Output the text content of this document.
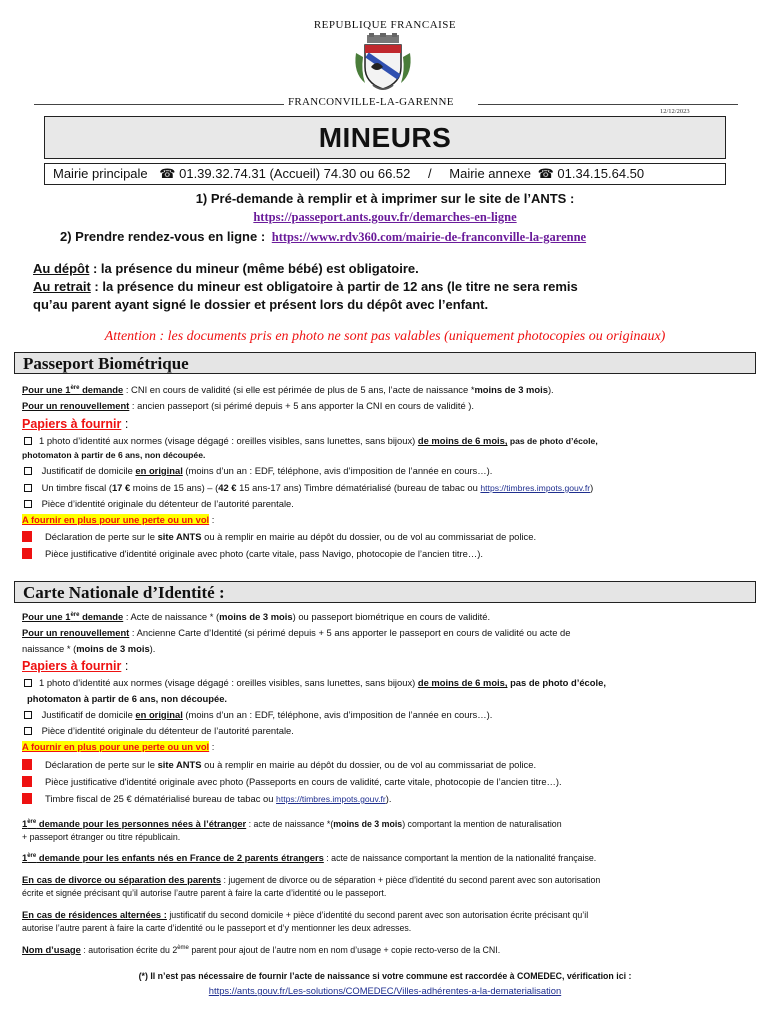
REPUBLIQUE FRANCAISE
FRANCONVILLE-LA-GARENNE
12/12/2023
MINEURS
Mairie principale ☎ 01.39.32.74.31 (Accueil) 74.30 ou 66.52 / Mairie annexe ☎ 01.34.15.64.50
1) Pré-demande à remplir et à imprimer sur le site de l’ANTS :
https://passeport.ants.gouv.fr/demarches-en-ligne
2) Prendre rendez-vous en ligne : https://www.rdv360.com/mairie-de-franconville-la-garenne
Au dépôt : la présence du mineur (même bébé) est obligatoire.
Au retrait : la présence du mineur est obligatoire à partir de 12 ans (le titre ne sera remis
qu’au parent ayant signé le dossier et présent lors du dépôt avec l’enfant.
Attention : les documents pris en photo ne sont pas valables (uniquement photocopies ou originaux)
Passeport Biométrique
Pour une 1ère demande : CNI en cours de validité (si elle est périmée de plus de 5 ans, l’acte de naissance *moins de 3 mois).
Pour un renouvellement : ancien passeport (si périmé depuis + 5 ans apporter la CNI en cours de validité ).
Papiers à fournir :
1 photo d’identité aux normes (visage dégagé : oreilles visibles, sans lunettes, sans bijoux) de moins de 6 mois, pas de photo d’école,
photomaton à partir de 6 ans, non découpée.
Justificatif de domicile en original (moins d’un an : EDF, téléphone, avis d’imposition de l’année en cours…).
Un timbre fiscal (17 € moins de 15 ans) – (42 € 15 ans-17 ans) Timbre dématérialisé (bureau de tabac ou https://timbres.impots.gouv.fr)
Pièce d’identité originale du détenteur de l’autorité parentale.
A fournir en plus pour une perte ou un vol :
Déclaration de perte sur le site ANTS ou à remplir en mairie au dépôt du dossier, ou de vol au commissariat de police.
Pièce justificative d'identité originale avec photo (carte vitale, pass Navigo, photocopie de l’ancien titre…).
Carte Nationale d’Identité :
Pour une 1ère demande : Acte de naissance * (moins de 3 mois) ou passeport biométrique en cours de validité.
Pour un renouvellement : Ancienne Carte d’Identité (si périmé depuis + 5 ans apporter le passeport en cours de validité ou acte de
naissance * (moins de 3 mois).
Papiers à fournir :
1 photo d’identité aux normes (visage dégagé : oreilles visibles, sans lunettes, sans bijoux) de moins de 6 mois, pas de photo d’école,
photomaton à partir de 6 ans, non découpée.
Justificatif de domicile en original (moins d’un an : EDF, téléphone, avis d’imposition de l’année en cours…).
Pièce d’identité originale du détenteur de l’autorité parentale.
A fournir en plus pour une perte ou un vol :
Déclaration de perte sur le site ANTS ou à remplir en mairie au dépôt du dossier, ou de vol au commissariat de police.
Pièce justificative d'identité originale avec photo (Passeports en cours de validité, carte vitale, photocopie de l’ancien titre…).
Timbre fiscal de 25 € dématérialisé bureau de tabac ou https://timbres.impots.gouv.fr).
1ère demande pour les personnes nées à l’étranger : acte de naissance *(moins de 3 mois) comportant la mention de naturalisation
+ passeport étranger ou titre républicain.
1ère demande pour les enfants nés en France de 2 parents étrangers : acte de naissance comportant la mention de la nationalité française.
En cas de divorce ou séparation des parents : jugement de divorce ou de séparation + pièce d’identité du second parent avec son autorisation
écrite et signée précisant qu’il autorise l’autre parent à faire la carte d’identité ou le passeport.
En cas de résidences alternées : justificatif du second domicile + pièce d’identité du second parent avec son autorisation écrite précisant qu’il
autorise l’autre parent à faire la carte d’identité ou le passeport et d’y mentionner les deux adresses.
Nom d’usage : autorisation écrite du 2ème parent pour ajout de l’autre nom en nom d’usage + copie recto-verso de la CNI.
(*) Il n’est pas nécessaire de fournir l’acte de naissance si votre commune est raccordée à COMEDEC, vérification ici :
https://ants.gouv.fr/Les-solutions/COMEDEC/Villes-adhérentes-a-la-dematerialisation
